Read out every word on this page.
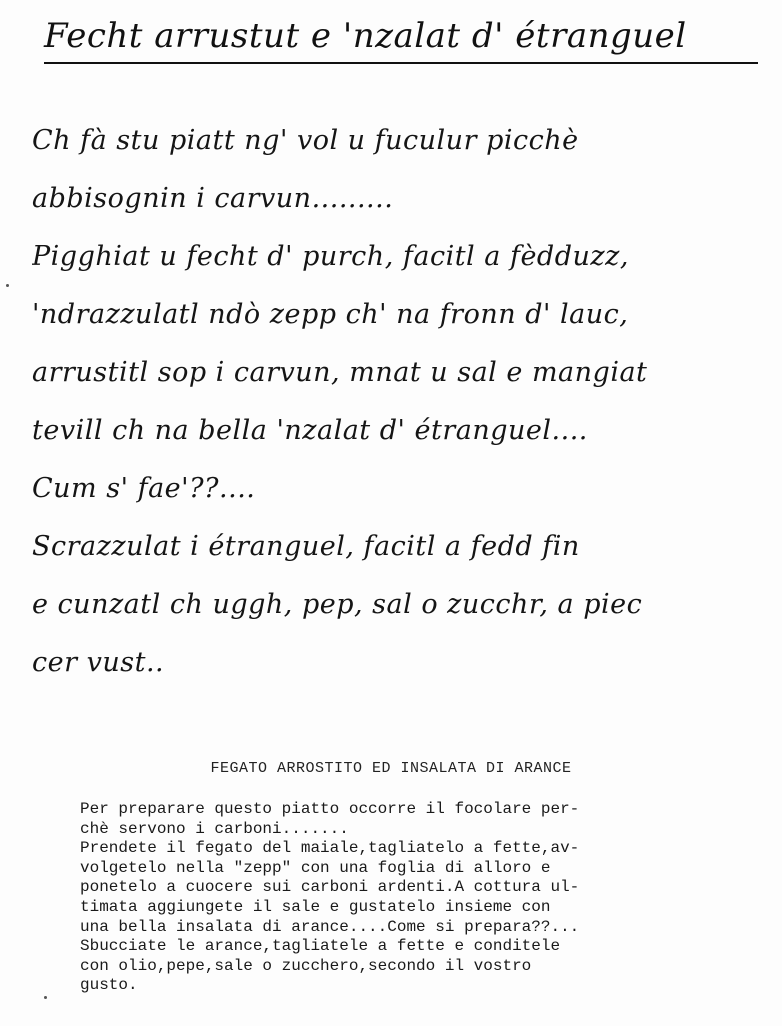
Fecht arrustut e 'nzalat d' étranguel
Ch fà stu piatt ng' vol u fuculur picchè
abbisognin i carvun.........
Pigghiat u fecht d' purch, facitl a fèdduzz,
'ndrazzulatl ndò zepp ch' na fronn d' lauc,
arrustitl sop i carvun, mnat u sal e mangiat
tevill ch na bella 'nzalat d' étranguel....
Cum s' fae'??....
Scrazzulat i étranguel, facitl a fedd fin
e cunzatl ch uggh, pep, sal o zucchr, a piec
cer vust..
FEGATO ARROSTITO ED INSALATA DI ARANCE
Per preparare questo piatto occorre il focolare per-
chè servono i carboni.......
Prendete il fegato del maiale,tagliatelo a fette,av-
volgetelo nella "zepp" con una foglia di alloro e
ponetelo a cuocere sui carboni ardenti.A cottura ul-
timata aggiungete il sale e gustatelo insieme con
una bella insalata di arance....Come si prepara??...
Sbucciate le arance,tagliatele a fette e conditele
con olio,pepe,sale o zucchero,secondo il vostro
gusto.
